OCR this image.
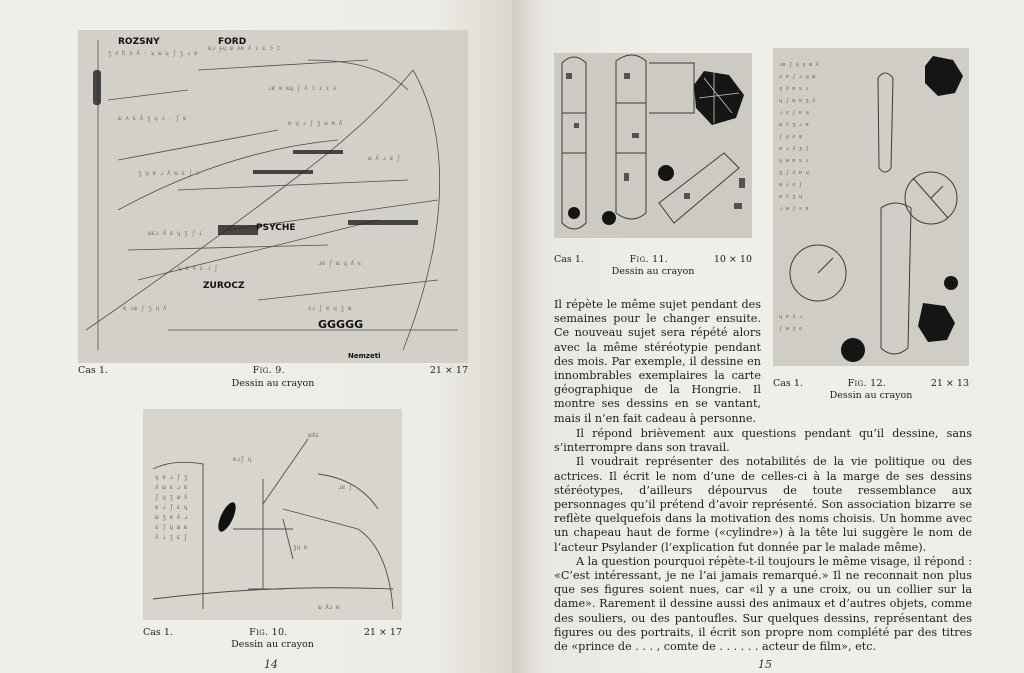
ӡ ԁ ե ɲ ʎ · ϡ ω ɥ ʃ ʒ ɹ ɐ
ɐɹ ɟɥ ɯ ʌʍ ʎ ɾ ɛ ɔ ɪ
ɯ ʌ ɛ ʎ ʒ ɥ ɾ · ʃ ɐ
ɹɐ ʍ ɯɥ ʃ ʎ ɔ ɾ ɪ ɛ
ʒ ɥ ɐ ɹ ʎ ɯ ɛ ʃ ɔ
ɐ ɥ ɹ ʃ ʒ ɯ ʍ ʎ
ɯɛɹ ʎ ɐ ɥ ʒ ʃ ɾ
ɹɐ ʃ ɯ ɥ ʎ ɛ
ɐ ɹɯ ʃ ʒ ɥ ʎ	ɛɹ ʃ ɐ ɥ ʒ ɯ
ɯ ʎ ɹ ɐ ʃ
ɥ ɐ ʎ ɛ ɹ ʃ
ROZSNY	FORD
PSYCHE
Nemzeti
GGGGG
ZUROCZ
Cas 1.	Fig. 9.	21 × 17
Dessin au crayon
ɥ ɐ ɹ ʃ ʒ
ʎ ɯ ɛ ɹ ɐ
ʃ ɥ ʒ ɯ ʎ
ɐ ɹ ʃ ɛ ɥ
ɯ ʒ ɐ ʎ ɹ
ɛ ʃ ɥ ɯ ɐ
ʎ ɹ ʒ ɛ ʃ
ɐɹʃ ɥ
ɯʎɛ
ɹɐ ʃ
ʒɥ ɐ
ɯ ʎɹ ɐ
Cas 1.	Fig. 10.	21 × 17
Dessin au crayon
14
Cas 1.	Fig. 11.	10 × 10
Dessin au crayon
ɹɐ ʃ ɥ ʒ ɯ ʎ
ɛ ɐ ʃ ɹ ɥ ɯ
ʒ ʎ ɐ ɛ ɹ
ɥ ʃ ɯ ɐ ʒ ʎ
ɹ ɛ ʃ ɐ ɥ
ɯ ʎ ʒ ɹ ɐ
ʃ ɥ ɛ ɯ
ɐ ɹ ʎ ʒ ʃ
ɥ ɯ ɐ ɛ ɹ
ʒ ʃ ʎ ɐ ɥ
ɯ ɹ ɛ ʃ
ɐ ʎ ʒ ɥ
ɹ ɯ ʃ ɛ ɐ
ɥ ɐ ʎ ɹ
ʃ ɯ ʒ ɛ
Cas 1.	Fig. 12.	21 × 13
Dessin au crayon

Il répète le même sujet pendant des semaines pour le changer ensuite. Ce nouveau sujet sera répété alors avec la même stéréotypie pendant des mois. Par exemple, il dessine en innombrables exemplaires la carte géographique de la Hongrie. Il montre ses dessins en se vantant, mais il n’en fait cadeau à personne.

Il répond brièvement aux questions pendant qu’il dessine, sans s’interrompre dans son travail.

Il voudrait représenter des notabilités de la vie politique ou des actrices. Il écrit le nom d’une de celles-ci à la marge de ses dessins stéréotypes, d’ailleurs dépourvus de toute ressemblance aux personnages qu’il prétend d’avoir représenté. Son association bizarre se reflète quelquefois dans la motivation des noms choisis. Un homme avec un chapeau haut de forme («cylindre») à la tête lui suggère le nom de l’acteur Psylander (l’explication fut donnée par le malade même).

A la question pourquoi répète-t-il toujours le même visage, il répond : «C’est intéressant, je ne l’ai jamais remarqué.» Il ne reconnait non plus que ses figures soient nues, car «il y a une croix, ou un collier sur la dame». Rarement il dessine aussi des animaux et d’autres objets, comme des souliers, ou des pantoufles. Sur quelques dessins, représentant des figures ou des portraits, il écrit son propre nom complété par des titres de «prince de . . . , comte de . . . . . . acteur de film», etc.

15
